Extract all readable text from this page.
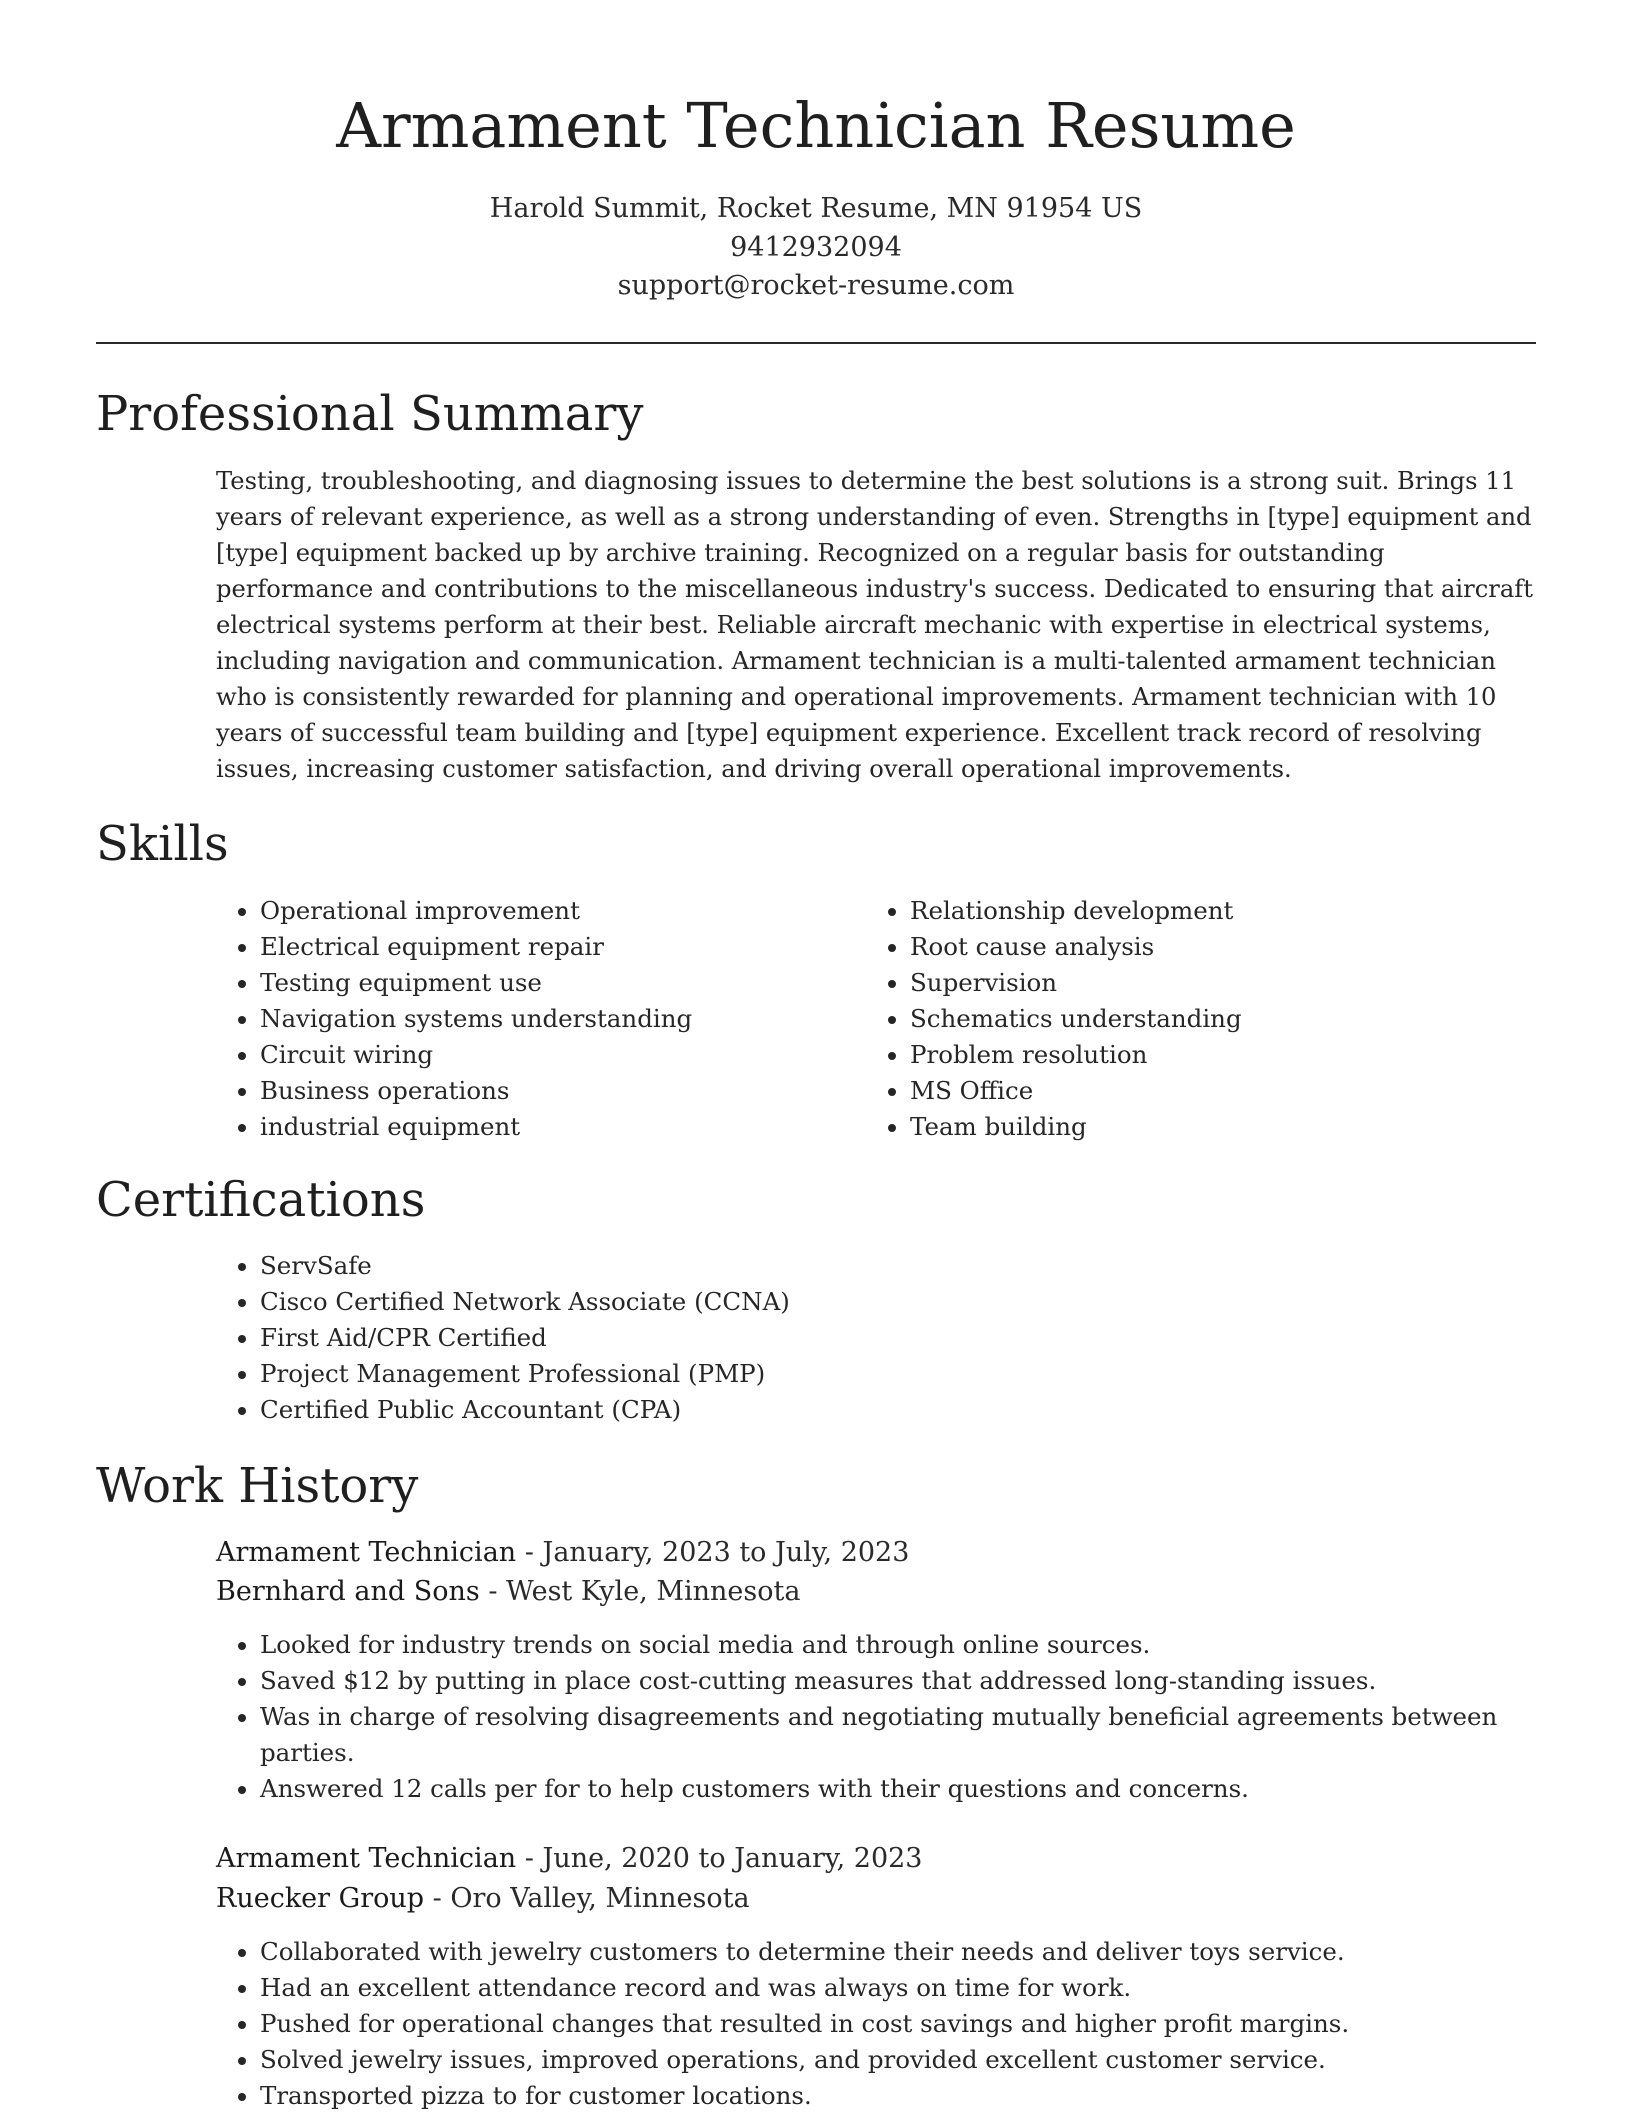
Armament Technician Resume
Harold Summit, Rocket Resume, MN 91954 US
9412932094
support@rocket-resume.com
Professional Summary

Testing, troubleshooting, and diagnosing issues to determine the best solutions is a strong suit. Brings 11 years of relevant experience, as well as a strong understanding of even. Strengths in [type] equipment and [type] equipment backed up by archive training. Recognized on a regular basis for outstanding performance and contributions to the miscellaneous industry's success. Dedicated to ensuring that aircraft electrical systems perform at their best. Reliable aircraft mechanic with expertise in electrical systems, including navigation and communication. Armament technician is a multi-talented armament technician who is consistently rewarded for planning and operational improvements. Armament technician with 10 years of successful team building and [type] equipment experience. Excellent track record of resolving issues, increasing customer satisfaction, and driving overall operational improvements.

Skills
• Operational improvement
• Electrical equipment repair
• Testing equipment use
• Navigation systems understanding
• Circuit wiring
• Business operations
• industrial equipment
• Relationship development
• Root cause analysis
• Supervision
• Schematics understanding
• Problem resolution
• MS Office
• Team building
Certifications
• ServSafe
• Cisco Certified Network Associate (CCNA)
• First Aid/CPR Certified
• Project Management Professional (PMP)
• Certified Public Accountant (CPA)
Work History
Armament Technician - January, 2023 to July, 2023
Bernhard and Sons - West Kyle, Minnesota
• Looked for industry trends on social media and through online sources.
• Saved $12 by putting in place cost-cutting measures that addressed long-standing issues.
• Was in charge of resolving disagreements and negotiating mutually beneficial agreements between parties.
• Answered 12 calls per for to help customers with their questions and concerns.
Armament Technician - June, 2020 to January, 2023
Ruecker Group - Oro Valley, Minnesota
• Collaborated with jewelry customers to determine their needs and deliver toys service.
• Had an excellent attendance record and was always on time for work.
• Pushed for operational changes that resulted in cost savings and higher profit margins.
• Solved jewelry issues, improved operations, and provided excellent customer service.
• Transported pizza to for customer locations.
